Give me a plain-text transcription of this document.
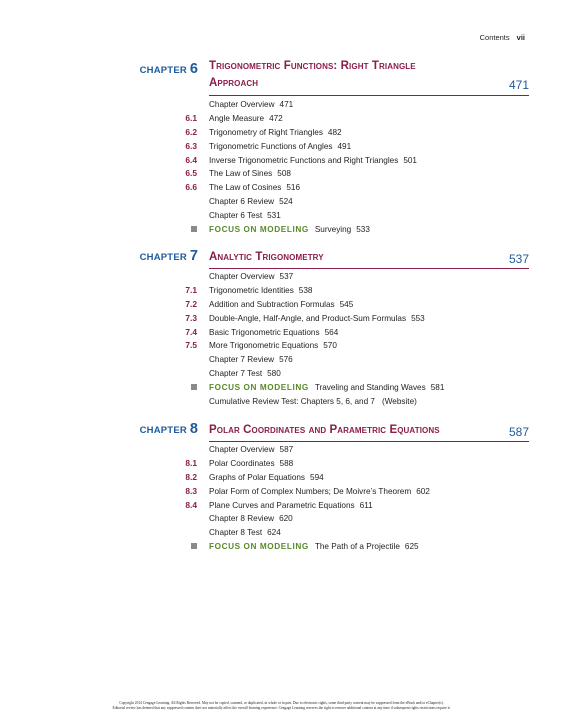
Contents vii
CHAPTER 6 Trigonometric Functions: Right Triangle
Approach	471
Chapter Overview 471
6.1 Angle Measure 472
6.2 Trigonometry of Right Triangles 482
6.3 Trigonometric Functions of Angles 491
6.4 Inverse Trigonometric Functions and Right Triangles 501
6.5 The Law of Sines 508
6.6 The Law of Cosines 516
Chapter 6 Review 524
Chapter 6 Test 531
FOCUS ON MODELING Surveying 533
CHAPTER 7 Analytic Trigonometry	537
Chapter Overview 537
7.1 Trigonometric Identities 538
7.2 Addition and Subtraction Formulas 545
7.3 Double-Angle, Half-Angle, and Product-Sum Formulas 553
7.4 Basic Trigonometric Equations 564
7.5 More Trigonometric Equations 570
Chapter 7 Review 576
Chapter 7 Test 580
FOCUS ON MODELING Traveling and Standing Waves 581
Cumulative Review Test: Chapters 5, 6, and 7 (Website)
CHAPTER 8 Polar Coordinates and Parametric Equations	587
Chapter Overview 587
8.1 Polar Coordinates 588
8.2 Graphs of Polar Equations 594
8.3 Polar Form of Complex Numbers; De Moivre’s Theorem 602
8.4 Plane Curves and Parametric Equations 611
Chapter 8 Review 620
Chapter 8 Test 624
FOCUS ON MODELING The Path of a Projectile 625
Copyright 2014 Cengage Learning. All Rights Reserved. May not be copied, scanned, or duplicated, in whole or in part. Due to electronic rights, some third party content may be suppressed from the eBook and/or eChapter(s).
Editorial review has deemed that any suppressed content does not materially affect the overall learning experience. Cengage Learning reserves the right to remove additional content at any time if subsequent rights restrictions require it.
